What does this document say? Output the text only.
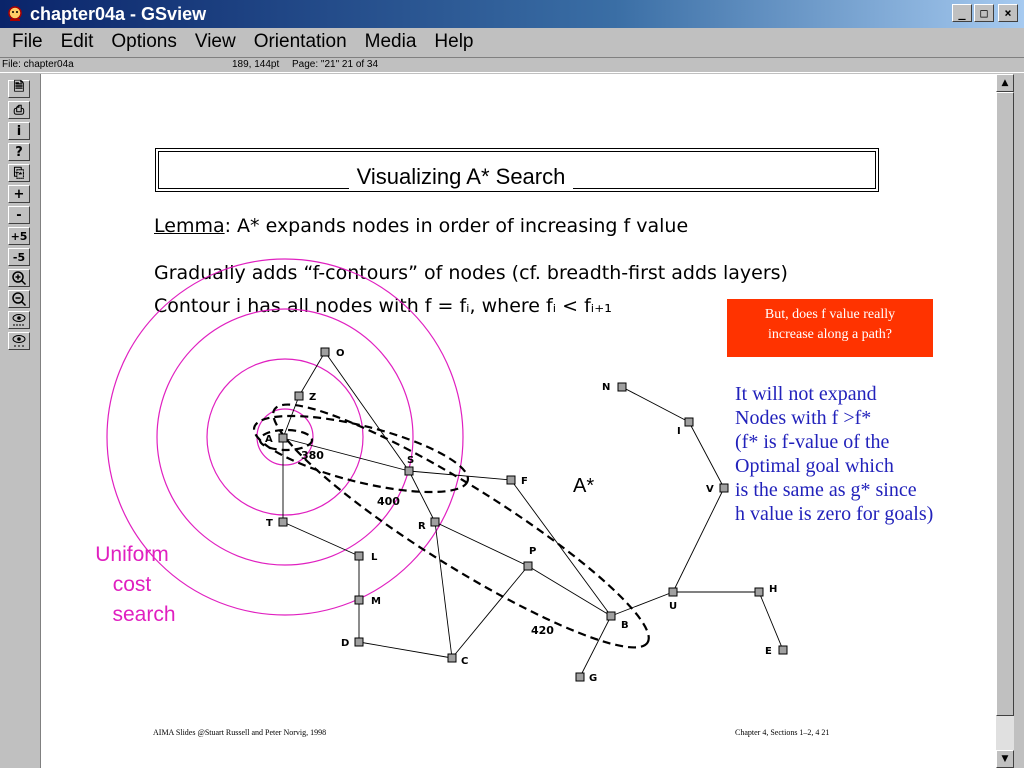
chapter04a - GSview	_	□	×
File Edit Options View Orientation Media Help
File: chapter04a	189, 144pt Page: "21" 21 of 34
🗎
⎙
i
?
⎘
+
-
+5
-5
Visualizing A* Search
Lemma: A* expands nodes in order of increasing f value
Gradually adds “f-contours” of nodes (cf. breadth-first adds layers)
Contour i has all nodes with f = fᵢ, where fᵢ < fᵢ₊₁	But, does f value really
increase along a path?
It will not expand
Nodes with f >f*
(f* is f-value of the
Optimal goal which
is the same as g* since
h value is zero for goals)
O
Z
A
S
F
T	R
L
P
M
D
C
B
G
U
H
E
V
I
N
380
400
420
A*
Uniform
cost
search
AIMA Slides @Stuart Russell and Peter Norvig, 1998	Chapter 4, Sections 1–2, 4 21
▲
▼
